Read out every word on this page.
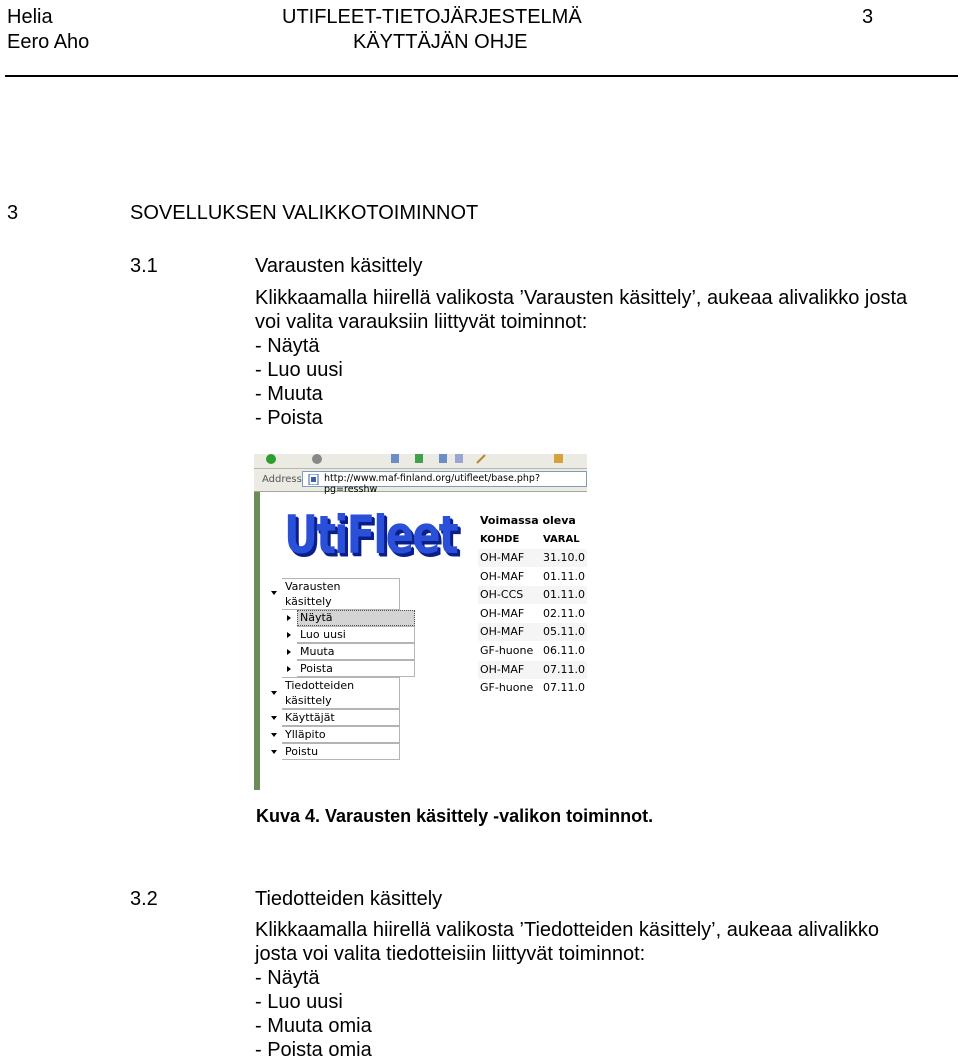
Helia
Eero Aho
UTIFLEET-TIETOJÄRJESTELMÄ
KÄYTTÄJÄN OHJE
3
3	SOVELLUKSEN VALIKKOTOIMINNOT
3.1	Varausten käsittely
Klikkaamalla hiirellä valikosta ’Varausten käsittely’, aukeaa alivalikko josta
voi valita varauksiin liittyvät toiminnot:
- Näytä
- Luo uusi
- Muuta
- Poista
Address http://www.maf-finland.org/utifleet/base.php?pg=resshw
UtiFleet
Varausten
käsittely
Näytä
Luo uusi
Muuta
Poista
Tiedotteiden
käsittely
Käyttäjät
Ylläpito
Poistu
Voimassa oleva
KOHDE VARAL
OH-MAF	31.10.0
OH-MAF	01.11.0
OH-CCS	01.11.0
OH-MAF	02.11.0
OH-MAF	05.11.0
GF-huone 06.11.0
OH-MAF	07.11.0
GF-huone 07.11.0
Kuva 4. Varausten käsittely -valikon toiminnot.
3.2	Tiedotteiden käsittely
Klikkaamalla hiirellä valikosta ’Tiedotteiden käsittely’, aukeaa alivalikko
josta voi valita tiedotteisiin liittyvät toiminnot:
- Näytä
- Luo uusi
- Muuta omia
- Poista omia
